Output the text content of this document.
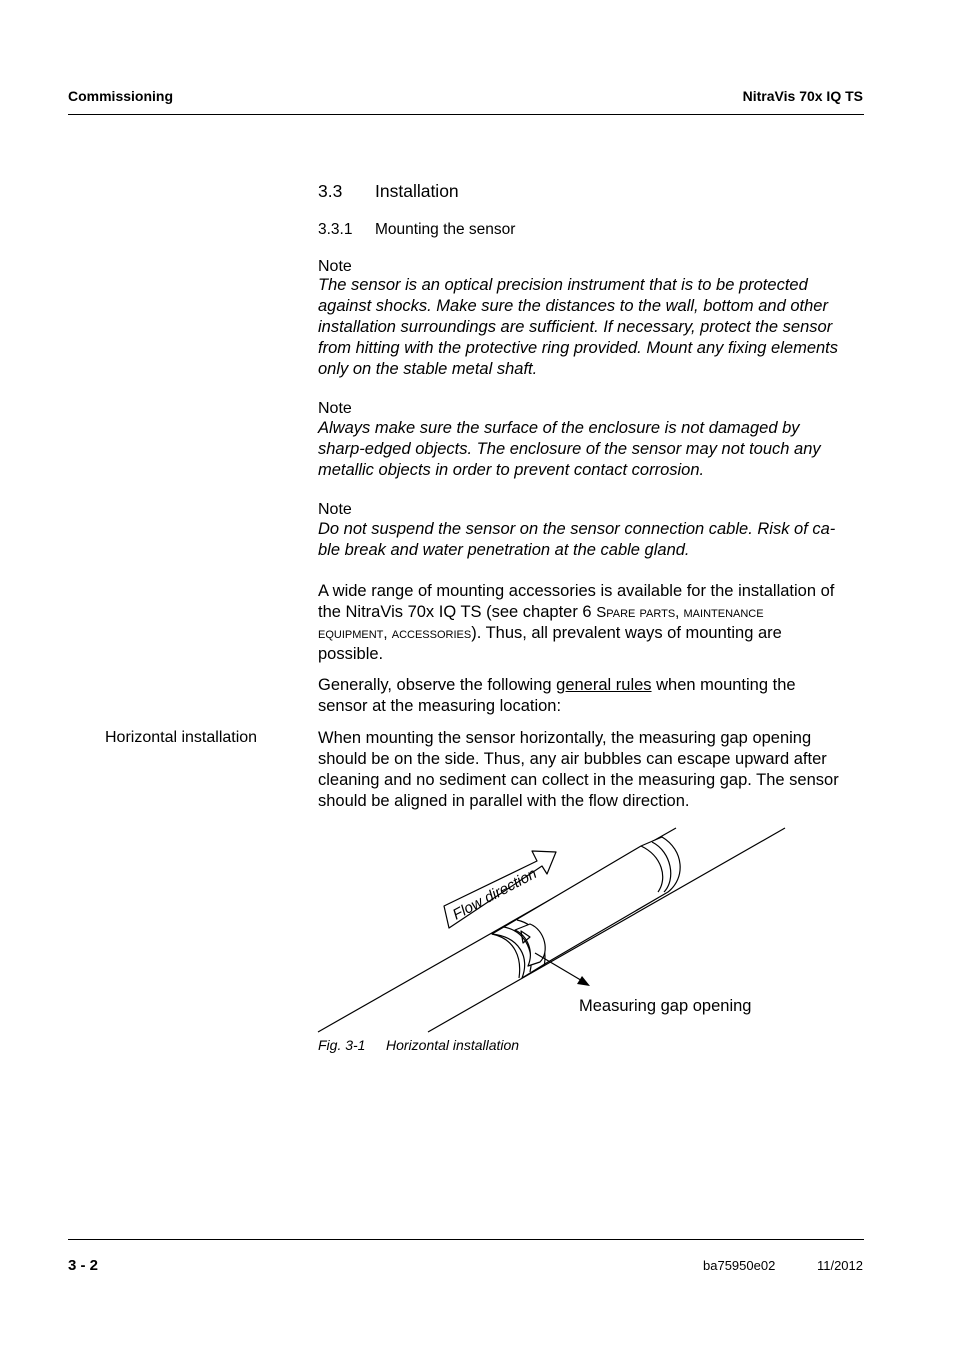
Commissioning	NitraVis 70x IQ TS
3.3 Installation
3.3.1 Mounting the sensor
Note
The sensor is an optical precision instrument that is to be protected
against shocks. Make sure the distances to the wall, bottom and other
installation surroundings are sufficient. If necessary, protect the sensor
from hitting with the protective ring provided. Mount any fixing elements
only on the stable metal shaft.
Note
Always make sure the surface of the enclosure is not damaged by
sharp-edged objects. The enclosure of the sensor may not touch any
metallic objects in order to prevent contact corrosion.
Note
Do not suspend the sensor on the sensor connection cable. Risk of ca-
ble break and water penetration at the cable gland.
A wide range of mounting accessories is available for the installation of
the NitraVis 70x IQ TS (see chapter 6 Spare parts, maintenance
equipment, accessories). Thus, all prevalent ways of mounting are
possible.
Generally, observe the following general rules when mounting the
sensor at the measuring location:
Horizontal installation	When mounting the sensor horizontally, the measuring gap opening
should be on the side. Thus, any air bubbles can escape upward after
cleaning and no sediment can collect in the measuring gap. The sensor
should be aligned in parallel with the flow direction.
Flow direction
Measuring gap opening
Fig. 3-1 Horizontal installation
3 - 2	ba75950e02	11/2012
